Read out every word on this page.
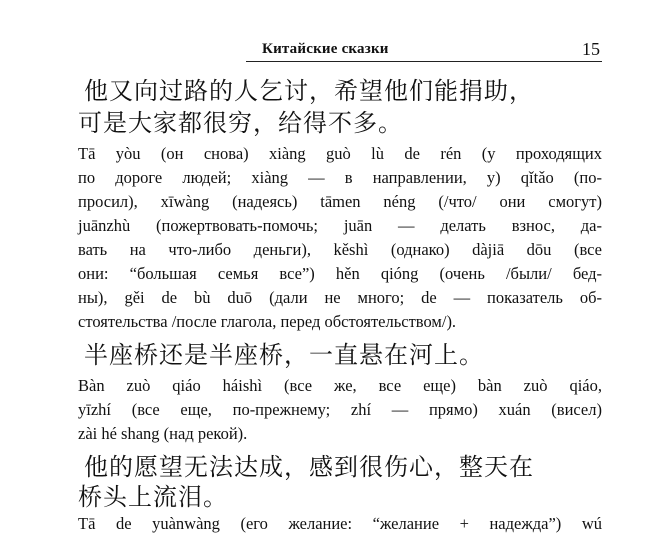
Китайские сказки	15
他又向过路的人乞讨，希望他们能捐助，
可是大家都很穷，给得不多。
Tā yòu (он снова) xiàng guò lù de rén (у проходящих
по дороге людей; xiàng — в направлении, у) qǐtǎo (по-
просил), xīwàng (надеясь) tāmen néng (/что/ они смогут)
juānzhù (пожертвовать-помочь; juān — делать взнос, да-
вать на что-либо деньги), kěshì (однако) dàjiā dōu (все
они: “большая семья все”) hěn qióng (очень /были/ бед-
ны), gěi de bù duō (дали не много; de — показатель об-
стоятельства /после глагола, перед обстоятельством/).
半座桥还是半座桥，一直悬在河上。
Bàn zuò qiáo háishì (все же, все еще) bàn zuò qiáo,
yīzhí (все еще, по-прежнему; zhí — прямо) xuán (висел)
zài hé shang (над рекой).
他的愿望无法达成，感到很伤心，整天在
桥头上流泪。
Tā de yuànwàng (его желание: “желание + надежда”) wú
